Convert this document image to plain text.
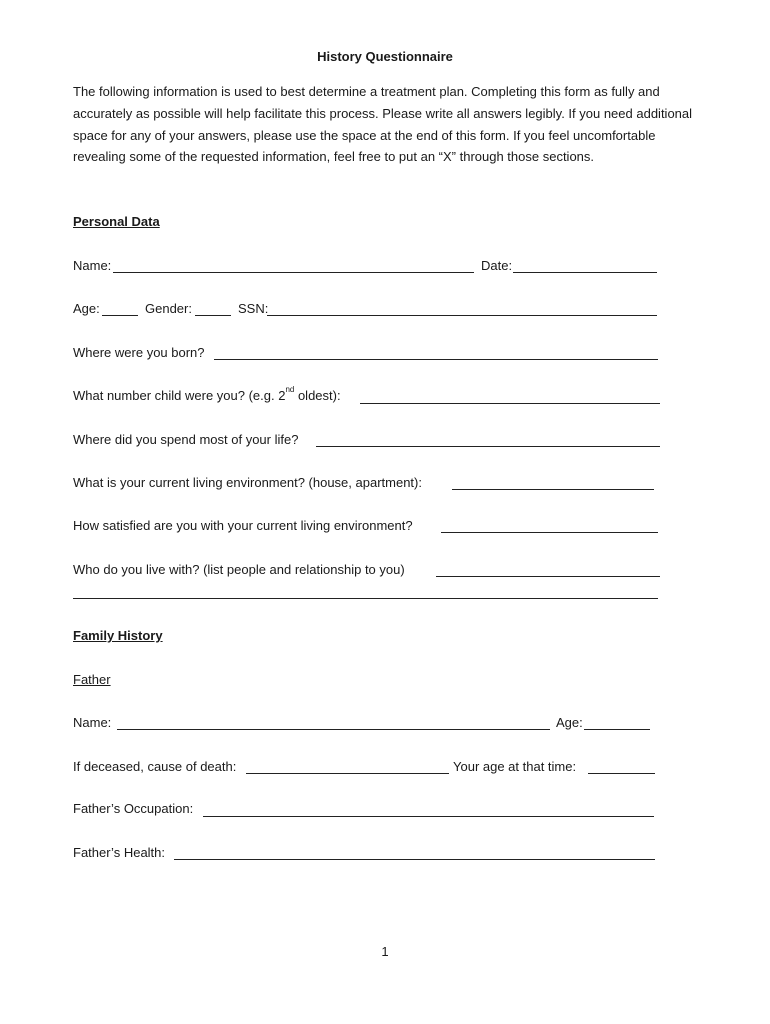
History Questionnaire
The following information is used to best determine a treatment plan. Completing this form as fully and accurately as possible will help facilitate this process. Please write all answers legibly. If you need additional space for any of your answers, please use the space at the end of this form. If you feel uncomfortable revealing some of the requested information, feel free to put an “X” through those sections.
Personal Data
Name:	Date:
Age:	Gender:	SSN:
Where were you born?
What number child were you? (e.g. 2nd oldest):
Where did you spend most of your life?
What is your current living environment? (house, apartment):
How satisfied are you with your current living environment?
Who do you live with? (list people and relationship to you)
Family History
Father
Name:	Age:
If deceased, cause of death:	Your age at that time:
Father’s Occupation:
Father’s Health:
1
